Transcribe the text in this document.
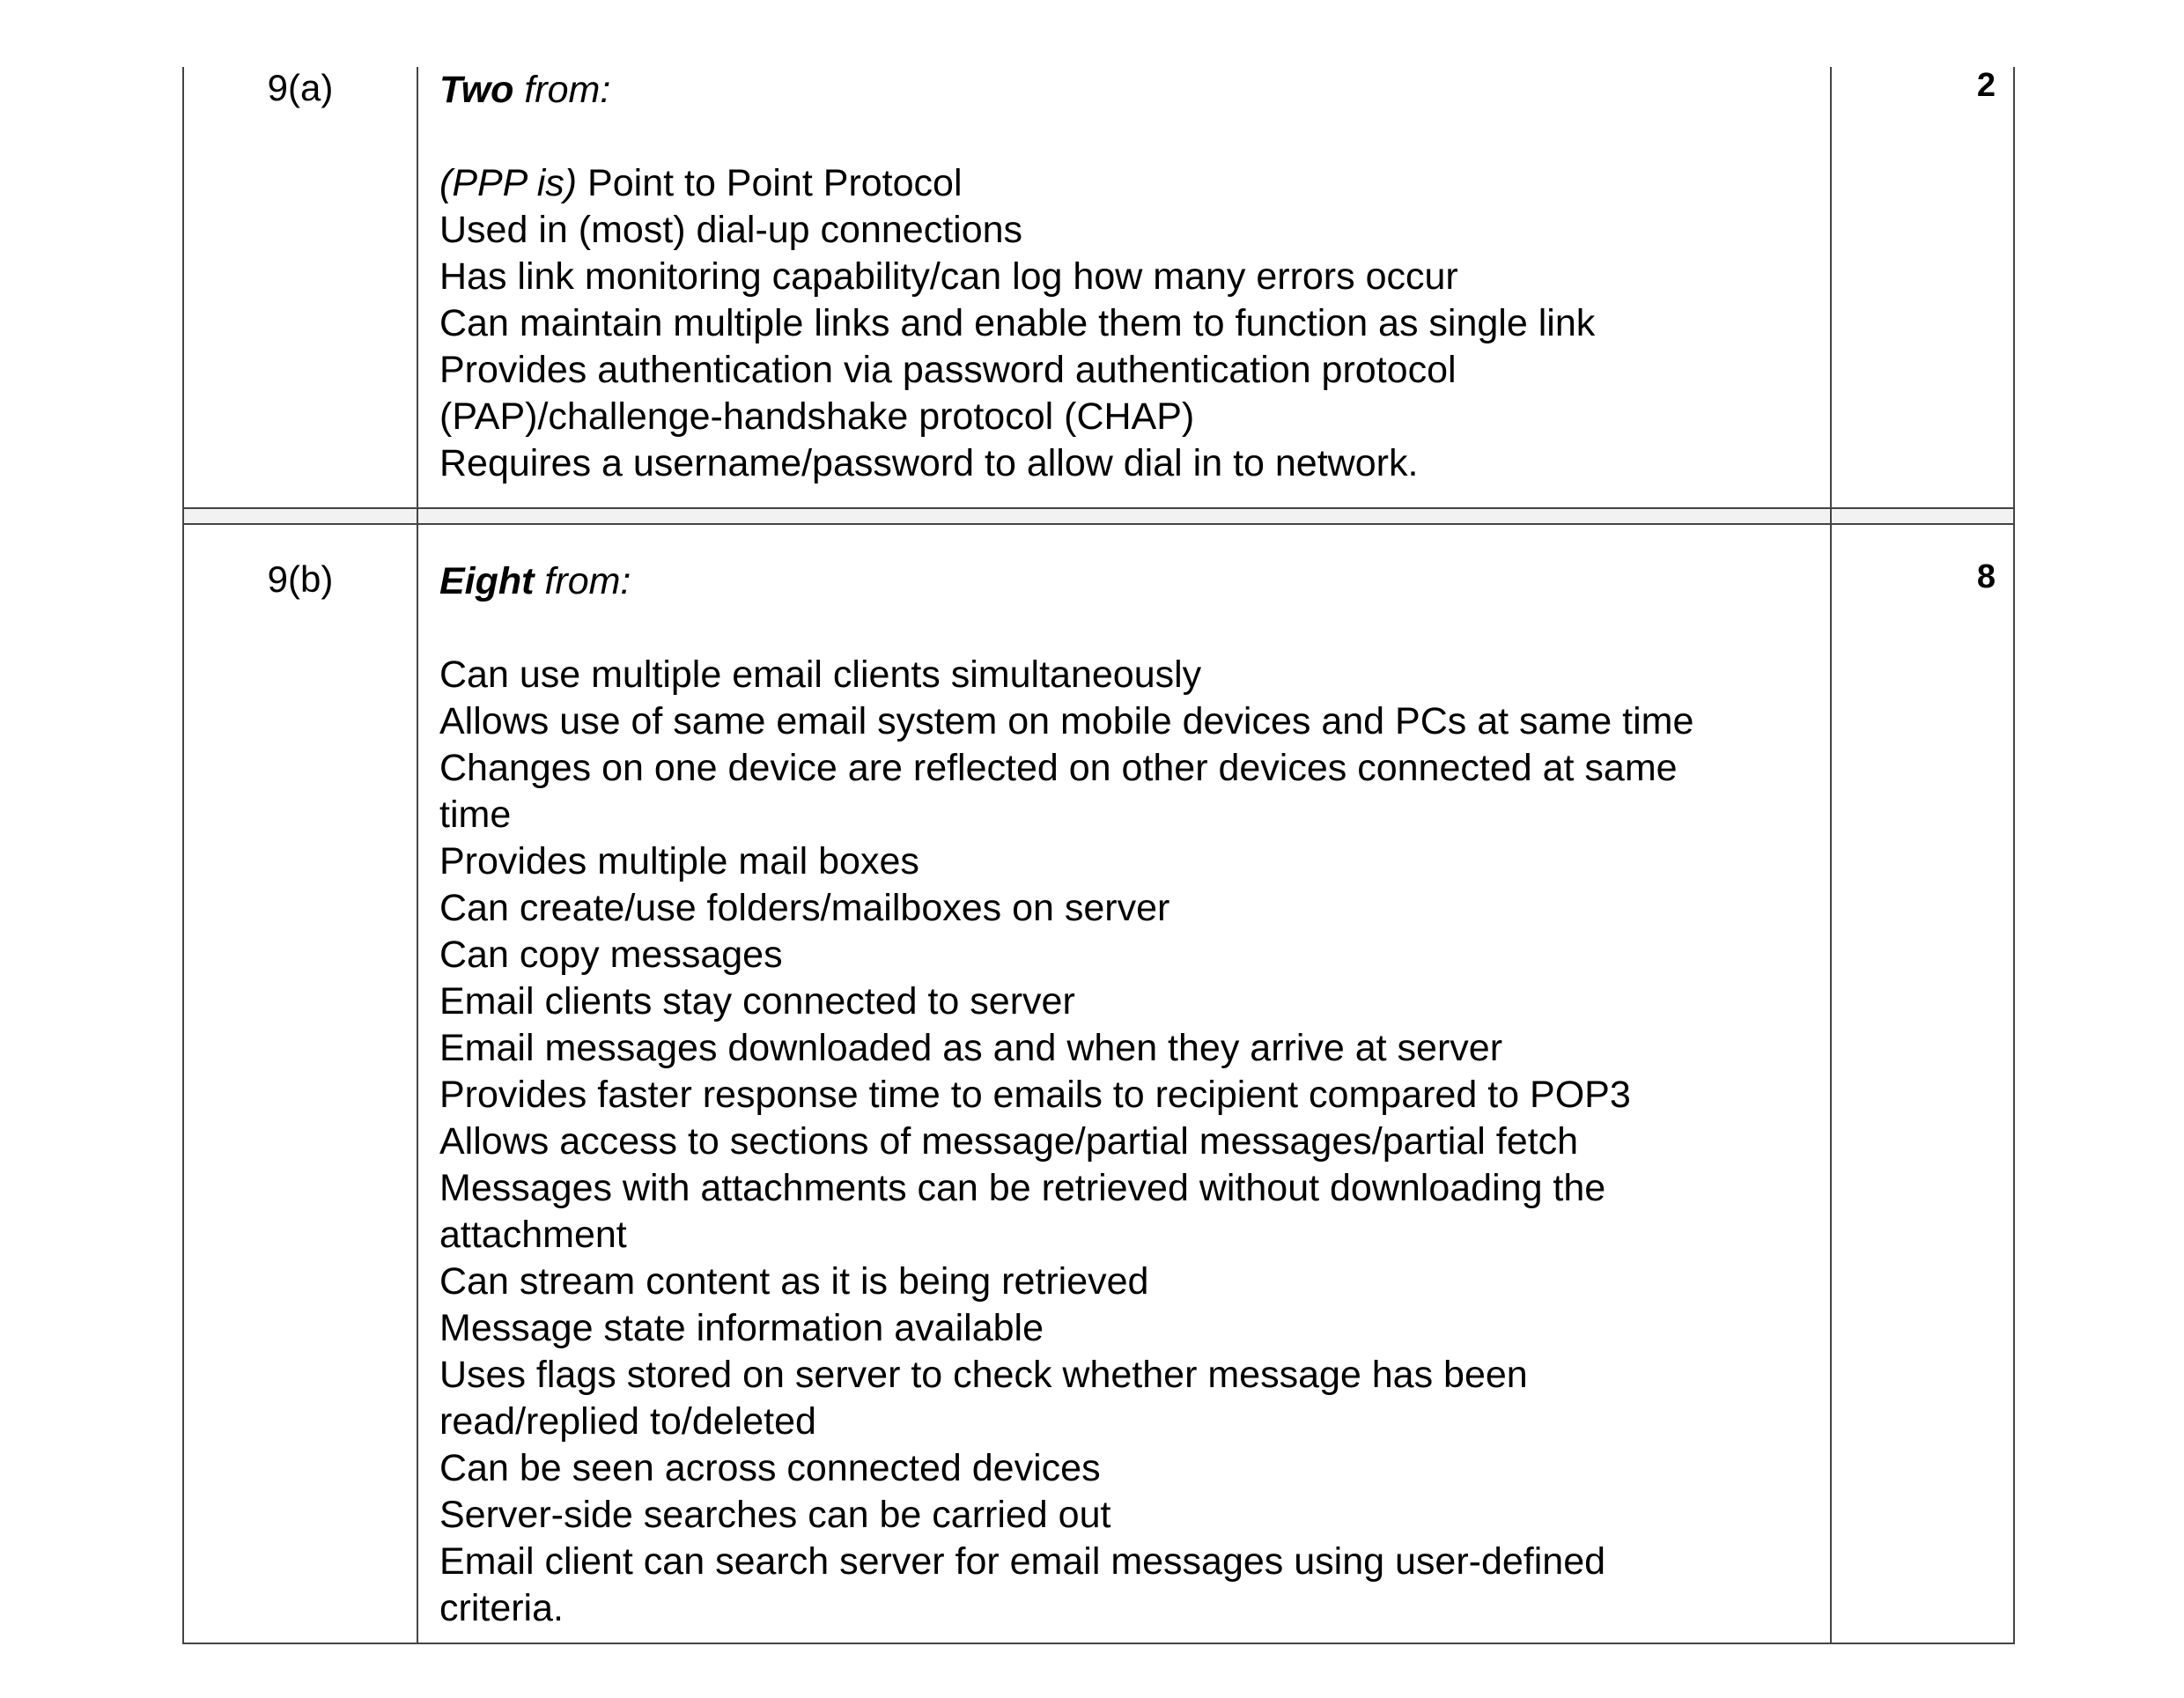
9(a)	Two from:
(PPP is) Point to Point Protocol
Used in (most) dial-up connections
Has link monitoring capability/can log how many errors occur
Can maintain multiple links and enable them to function as single link
Provides authentication via password authentication protocol
(PAP)/challenge-handshake protocol (CHAP)
Requires a username/password to allow dial in to network.
2
9(b)	Eight from:
Can use multiple email clients simultaneously
Allows use of same email system on mobile devices and PCs at same time
Changes on one device are reflected on other devices connected at same
time
Provides multiple mail boxes
Can create/use folders/mailboxes on server
Can copy messages
Email clients stay connected to server
Email messages downloaded as and when they arrive at server
Provides faster response time to emails to recipient compared to POP3
Allows access to sections of message/partial messages/partial fetch
Messages with attachments can be retrieved without downloading the
attachment
Can stream content as it is being retrieved
Message state information available
Uses flags stored on server to check whether message has been
read/replied to/deleted
Can be seen across connected devices
Server-side searches can be carried out
Email client can search server for email messages using user-defined
criteria.
8
